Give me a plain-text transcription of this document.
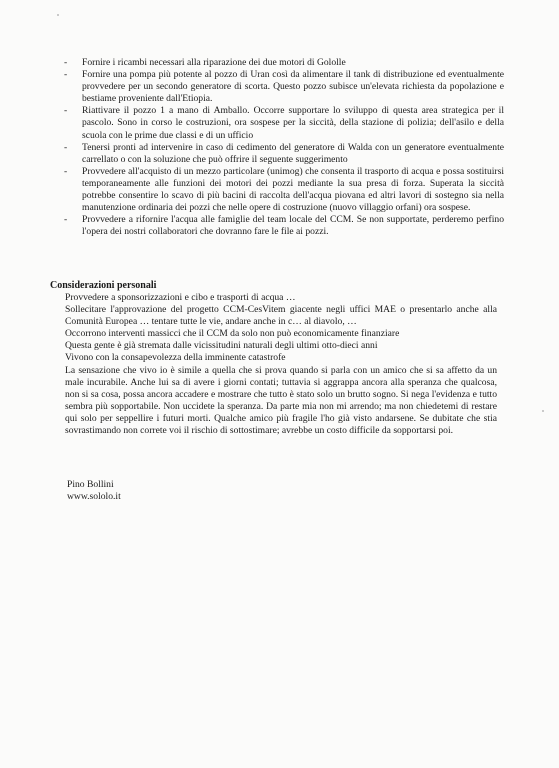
- Fornire i ricambi necessari alla riparazione dei due motori di Gololle
- Fornire una pompa più potente al pozzo di Uran così da alimentare il tank di distribuzione ed eventualmente provvedere per un secondo generatore di scorta. Questo pozzo subisce un'elevata richiesta da popolazione e bestiame proveniente dall'Etiopia.
- Riattivare il pozzo 1 a mano di Amballo. Occorre supportare lo sviluppo di questa area strategica per il pascolo. Sono in corso le costruzioni, ora sospese per la siccità, della stazione di polizia; dell'asilo e della scuola con le prime due classi e di un ufficio
- Tenersi pronti ad intervenire in caso di cedimento del generatore di Walda con un generatore eventualmente carrellato o con la soluzione che può offrire il seguente suggerimento
- Provvedere all'acquisto di un mezzo particolare (unimog) che consenta il trasporto di acqua e possa sostituirsi temporaneamente alle funzioni dei motori dei pozzi mediante la sua presa di forza. Superata la siccità potrebbe consentire lo scavo di più bacini di raccolta dell'acqua piovana ed altri lavori di sostegno sia nella manutenzione ordinaria dei pozzi che nelle opere di costruzione (nuovo villaggio orfani) ora sospese.
- Provvedere a rifornire l'acqua alle famiglie del team locale del CCM. Se non supportate, perderemo perfino l'opera dei nostri collaboratori che dovranno fare le file ai pozzi.
Considerazioni personali
Provvedere a sponsorizzazioni e cibo e trasporti di acqua …
Sollecitare l'approvazione del progetto CCM-CesVitem giacente negli uffici MAE o presentarlo anche alla Comunità Europea … tentare tutte le vie, andare anche in c… al diavolo, …
Occorrono interventi massicci che il CCM da solo non può economicamente finanziare
Questa gente è già stremata dalle vicissitudini naturali degli ultimi otto-dieci anni
Vivono con la consapevolezza della imminente catastrofe
La sensazione che vivo io è simile a quella che si prova quando si parla con un amico che si sa affetto da un male incurabile. Anche lui sa di avere i giorni contati; tuttavia si aggrappa ancora alla speranza che qualcosa, non si sa cosa, possa ancora accadere e mostrare che tutto è stato solo un brutto sogno. Si nega l'evidenza e tutto sembra più sopportabile. Non uccidete la speranza. Da parte mia non mi arrendo; ma non chiedetemi di restare qui solo per seppellire i futuri morti. Qualche amico più fragile l'ho già visto andarsene. Se dubitate che stia sovrastimando non correte voi il rischio di sottostimare; avrebbe un costo difficile da sopportarsi poi.
Pino Bollini
www.sololo.it
